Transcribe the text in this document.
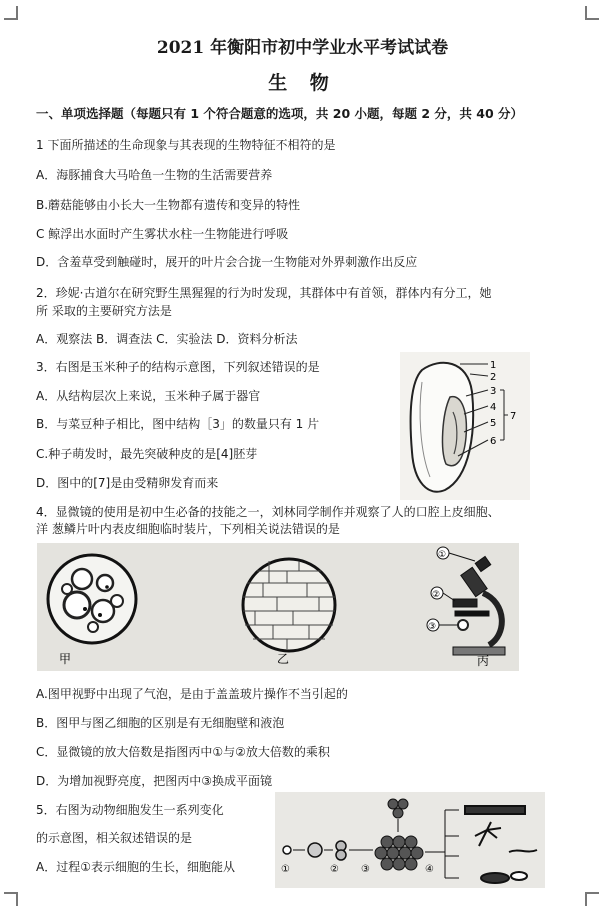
2021 年衡阳市初中学业水平考试试卷
生 物
一、单项选择题（每题只有 1 个符合题意的选项，共 20 小题，每题 2 分，共 40 分）
1 下面所描述的生命现象与其表现的生物特征不相符的是
A．海豚捕食大马哈鱼一生物的生活需要营养
B.蘑菇能够由小长大一生物都有遗传和变异的特性
C 鲸浮出水面时产生雾状水柱一生物能进行呼吸
D．含羞草受到触碰时，展开的叶片会合拢一生物能对外界刺激作出反应
2．珍妮·古道尔在研究野生黑猩猩的行为时发现，其群体中有首领，群体内有分工，她
所 采取的主要研究方法是
A．观察法 B．调查法 C．实验法 D．资料分析法
3．右图是玉米种子的结构示意图，下列叙述错误的是
A．从结构层次上来说，玉米种子属于器官
B．与菜豆种子相比，图中结构［3」的数量只有 1 片
C.种子萌发时，最先突破种皮的是[4]胚芽
D．图中的[7]是由受精卵发育而来
1
2
3
4
5
6
7
4．显微镜的使用是初中生必备的技能之一，刘林同学制作并观察了人的口腔上皮细胞、
洋 葱鳞片叶内表皮细胞临时装片，下列相关说法错误的是
甲	乙
①
②
③
丙
A.图甲视野中出现了气泡，是由于盖盖玻片操作不当引起的
B．图甲与图乙细胞的区别是有无细胞壁和液泡
C．显微镜的放大倍数是指图丙中①与②放大倍数的乘积
D．为增加视野亮度，把图丙中③换成平面镜
5．右图为动物细胞发生一系列变化
的示意图，相关叙述错误的是
A．过程①表示细胞的生长，细胞能从	①	② ③	④
